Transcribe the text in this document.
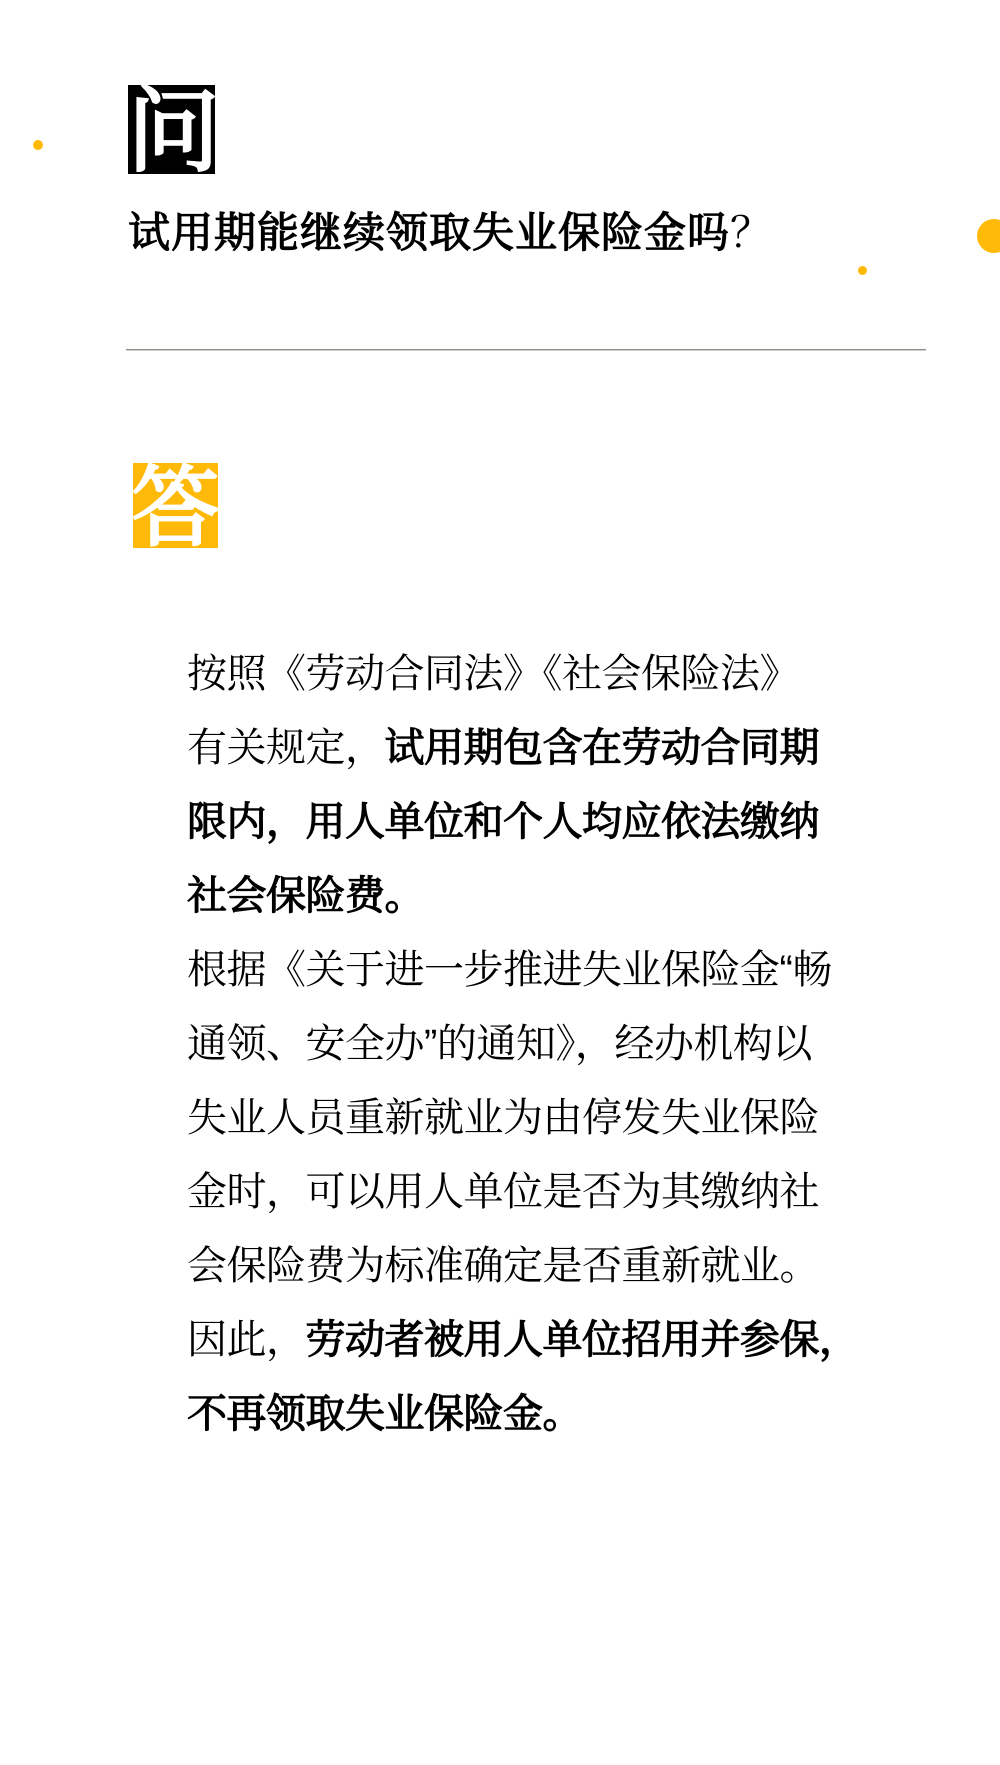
问
试用期能继续领取失业保险金吗？
答
按照《劳动合同法》《社会保险法》
有关规定，试用期包含在劳动合同期
限内，用人单位和个人均应依法缴纳
社会保险费。
根据《关于进一步推进失业保险金“畅
通领、安全办”的通知》，经办机构以
失业人员重新就业为由停发失业保险
金时，可以用人单位是否为其缴纳社
会保险费为标准确定是否重新就业。
因此，劳动者被用人单位招用并参保，
不再领取失业保险金。
